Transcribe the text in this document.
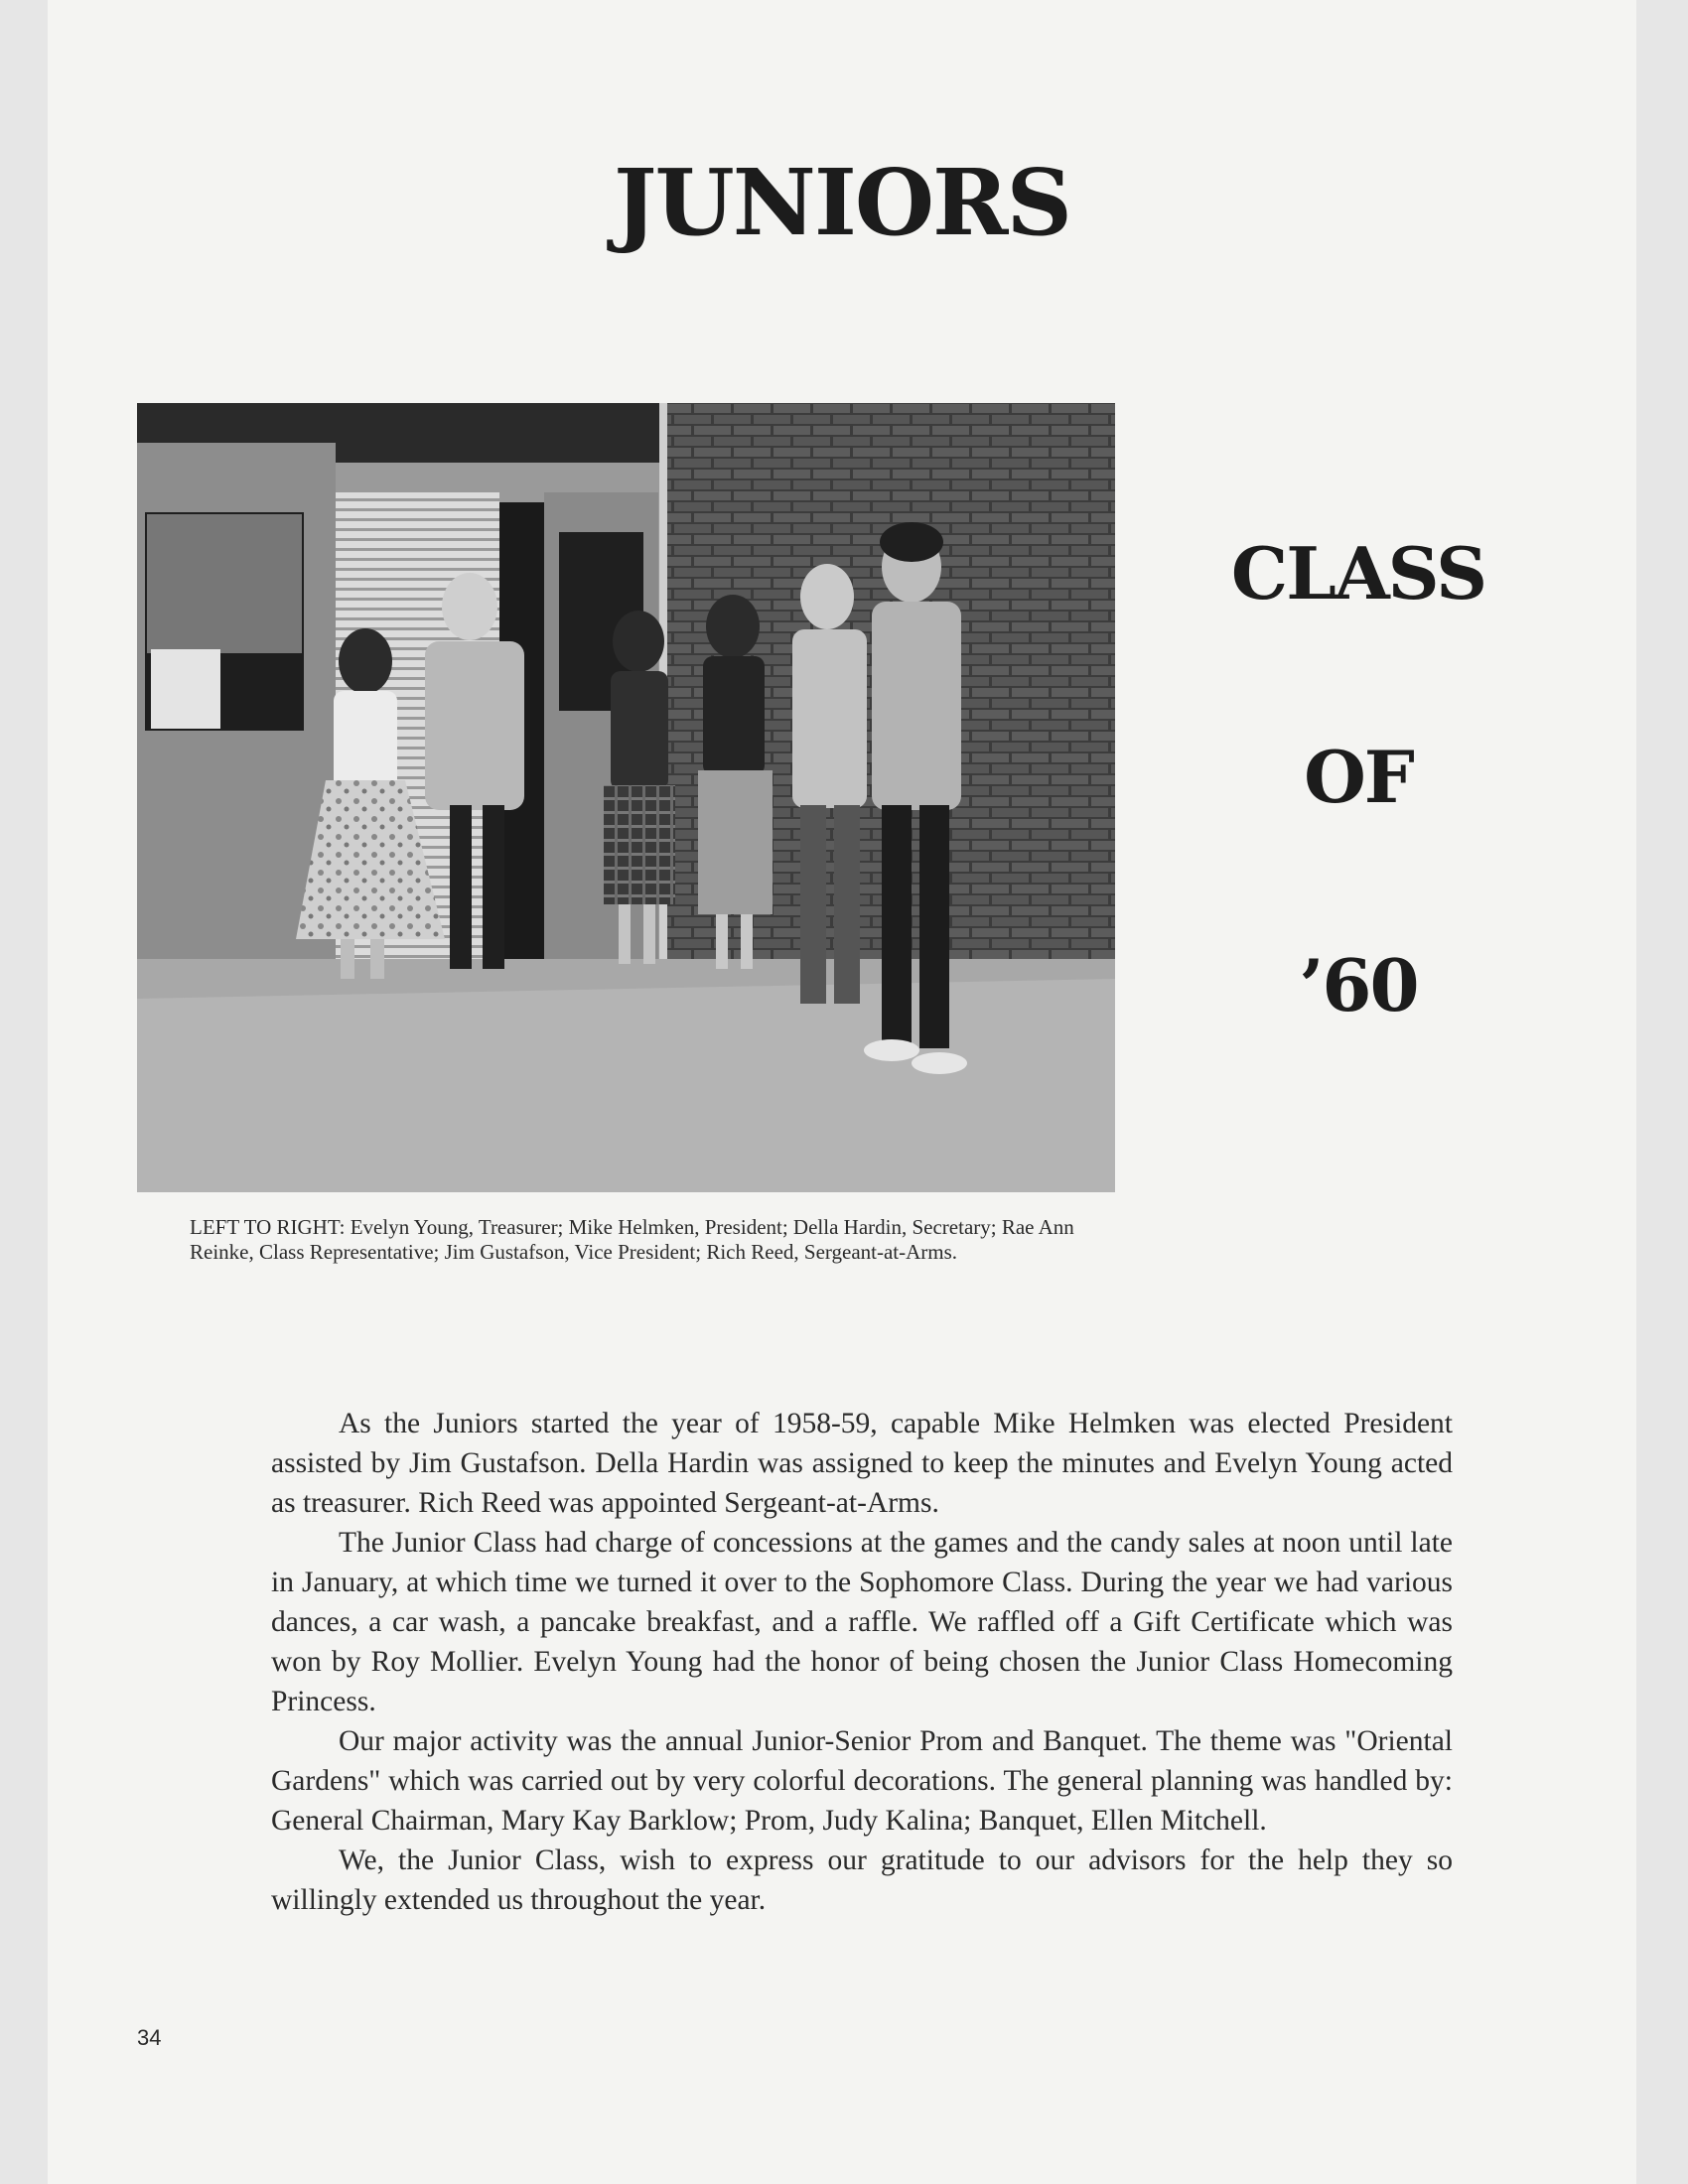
JUNIORS

LEFT TO RIGHT: Evelyn Young, Treasurer; Mike Helmken, President; Della Hardin, Secretary; Rae Ann Reinke, Class Representative; Jim Gustafson, Vice President; Rich Reed, Sergeant-at-Arms.

CLASS
OF
’60

As the Juniors started the year of 1958-59, capable Mike Helmken was elected President assisted by Jim Gustafson. Della Hardin was assigned to keep the minutes and Evelyn Young acted as treasurer. Rich Reed was appointed Sergeant-at-Arms.

The Junior Class had charge of concessions at the games and the candy sales at noon until late in January, at which time we turned it over to the Sophomore Class. During the year we had various dances, a car wash, a pancake breakfast, and a raffle. We raffled off a Gift Certificate which was won by Roy Mollier. Evelyn Young had the honor of being chosen the Junior Class Homecoming Princess.

Our major activity was the annual Junior-Senior Prom and Banquet. The theme was "Oriental Gardens" which was carried out by very colorful decorations. The general planning was handled by: General Chairman, Mary Kay Barklow; Prom, Judy Kalina; Banquet, Ellen Mitchell.

We, the Junior Class, wish to express our gratitude to our advisors for the help they so willingly extended us throughout the year.

34
